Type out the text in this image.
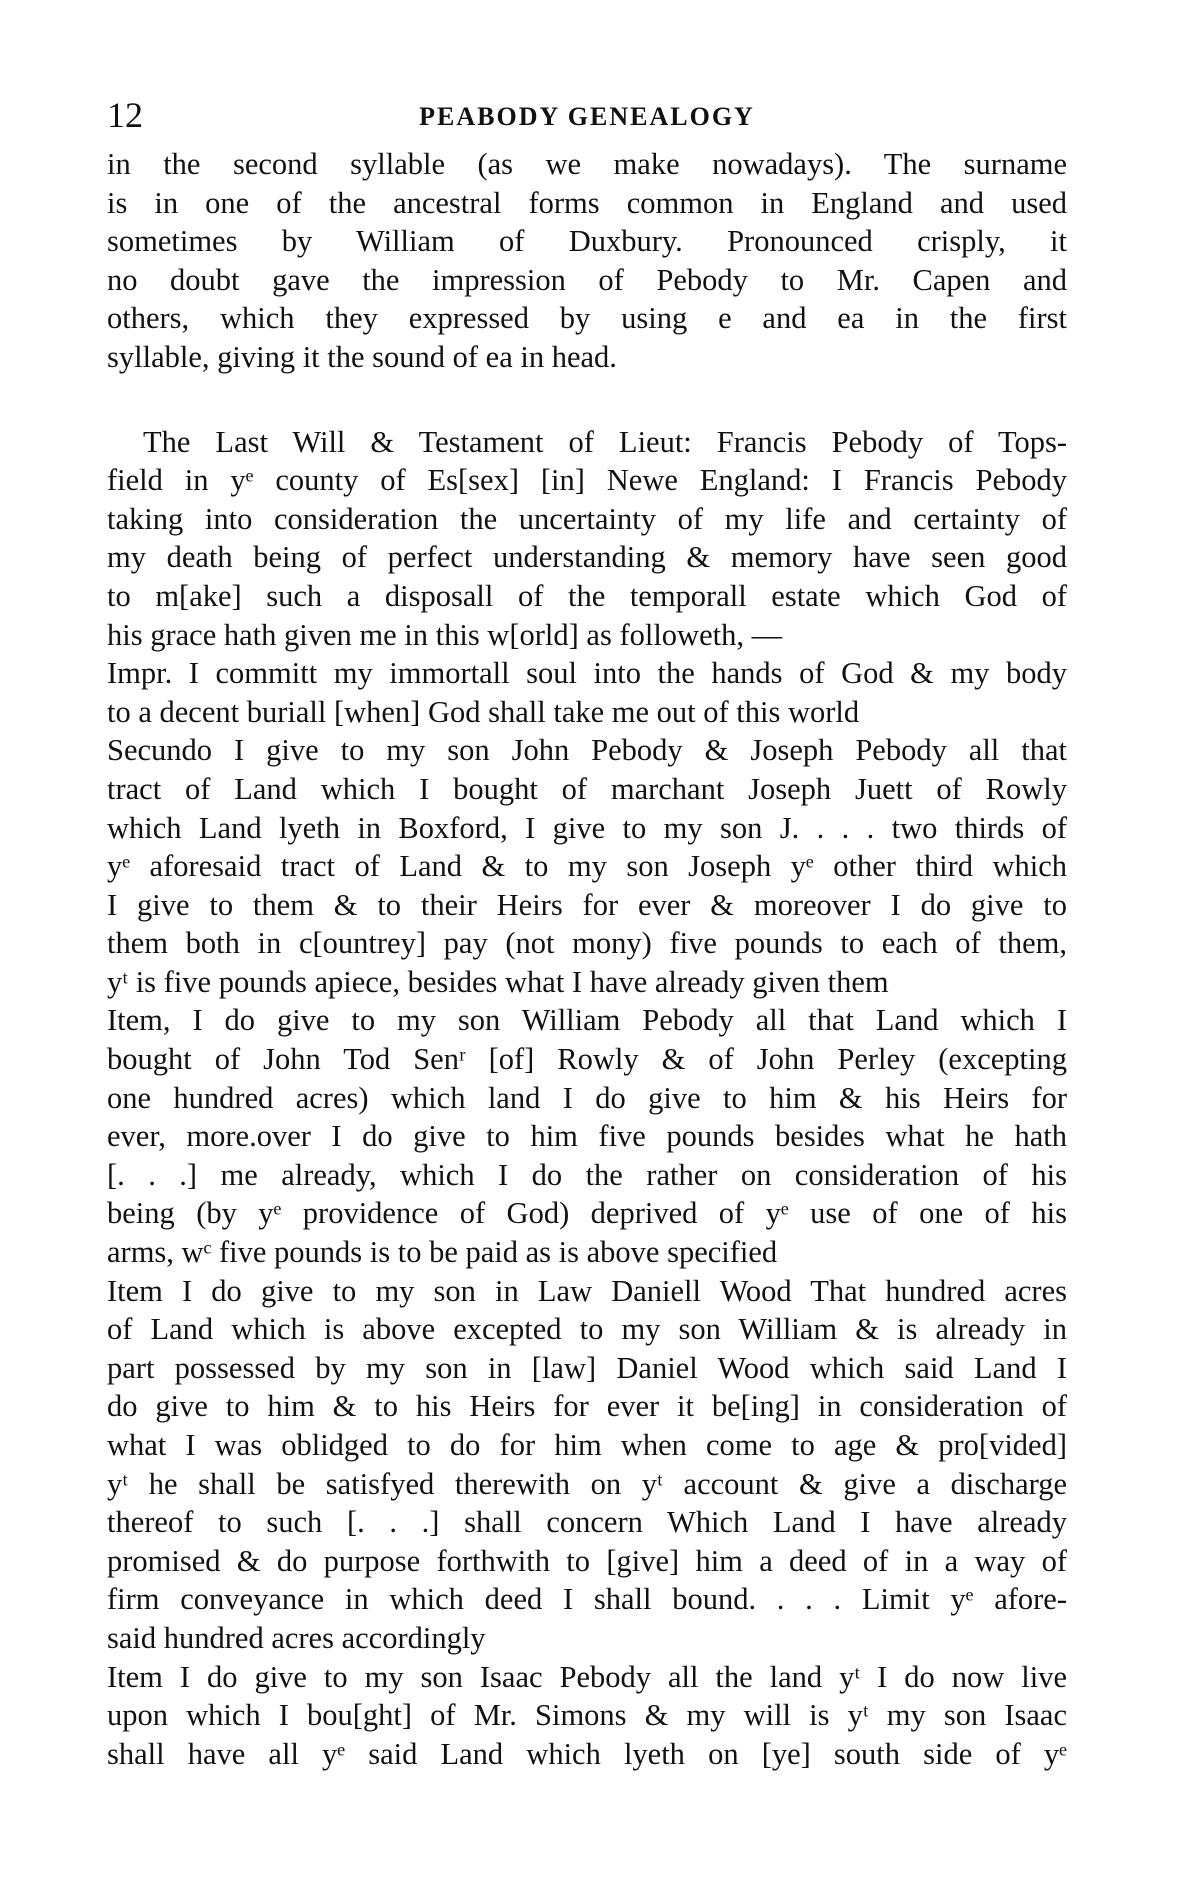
12	PEABODY GENEALOGY
in the second syllable (as we make nowadays). The surname
is in one of the ancestral forms common in England and used
sometimes by William of Duxbury. Pronounced crisply, it
no doubt gave the impression of Pebody to Mr. Capen and
others, which they expressed by using e and ea in the first
syllable, giving it the sound of ea in head.
The Last Will & Testament of Lieut: Francis Pebody of Tops-
field in yᵉ county of Es[sex] [in] Newe England: I Francis Pebody
taking into consideration the uncertainty of my life and certainty of
my death being of perfect understanding & memory have seen good
to m[ake] such a disposall of the temporall estate which God of
his grace hath given me in this w[orld] as followeth, —
Impr. I committ my immortall soul into the hands of God & my body
to a decent buriall [when] God shall take me out of this world
Secundo I give to my son John Pebody & Joseph Pebody all that
tract of Land which I bought of marchant Joseph Juett of Rowly
which Land lyeth in Boxford, I give to my son J. . . . two thirds of
yᵉ aforesaid tract of Land & to my son Joseph yᵉ other third which
I give to them & to their Heirs for ever & moreover I do give to
them both in c[ountrey] pay (not mony) five pounds to each of them,
yᵗ is five pounds apiece, besides what I have already given them
Item, I do give to my son William Pebody all that Land which I
bought of John Tod Senʳ [of] Rowly & of John Perley (excepting
one hundred acres) which land I do give to him & his Heirs for
ever, more.over I do give to him five pounds besides what he hath
[. . .] me already, which I do the rather on consideration of his
being (by yᵉ providence of God) deprived of yᵉ use of one of his
arms, wᶜ five pounds is to be paid as is above specified
Item I do give to my son in Law Daniell Wood That hundred acres
of Land which is above excepted to my son William & is already in
part possessed by my son in [law] Daniel Wood which said Land I
do give to him & to his Heirs for ever it be[ing] in consideration of
what I was oblidged to do for him when come to age & pro[vided]
yᵗ he shall be satisfyed therewith on yᵗ account & give a discharge
thereof to such [. . .] shall concern Which Land I have already
promised & do purpose forthwith to [give] him a deed of in a way of
firm conveyance in which deed I shall bound. . . . Limit yᵉ afore-
said hundred acres accordingly
Item I do give to my son Isaac Pebody all the land yᵗ I do now live
upon which I bou[ght] of Mr. Simons & my will is yᵗ my son Isaac
shall have all yᵉ said Land which lyeth on [ye] south side of yᵉ
